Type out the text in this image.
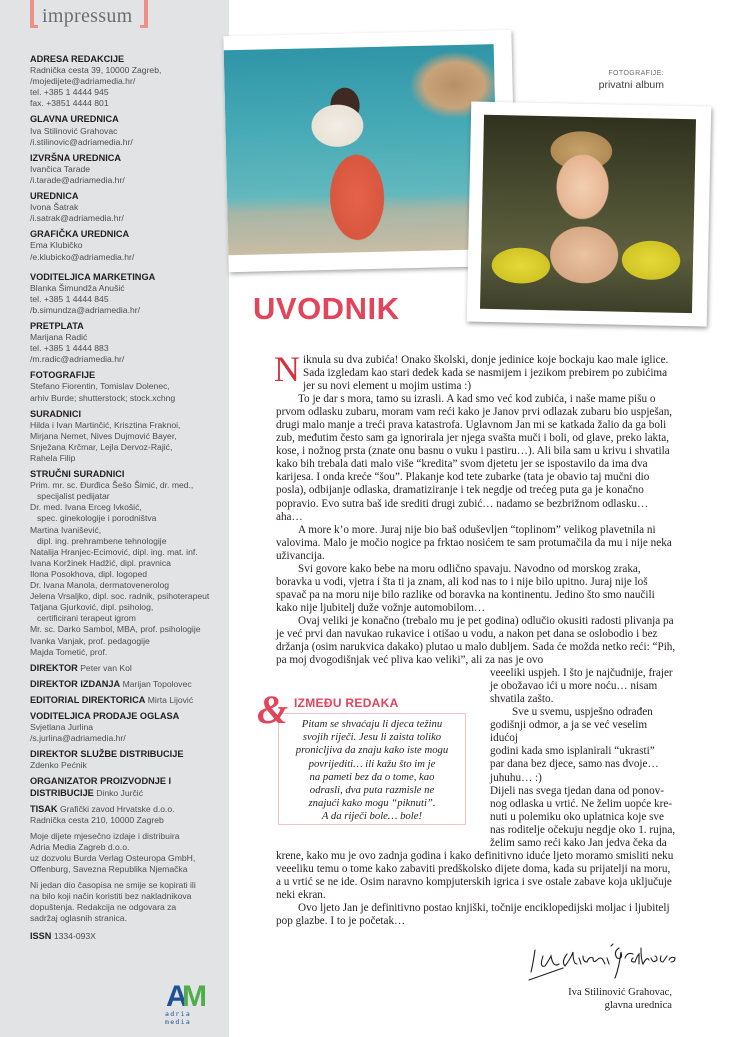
impressum
ADRESA REDAKCIJE
Radnička cesta 39, 10000 Zagreb,
/mojedijete@adriamedia.hr/
tel. +385 1 4444 945
fax. +3851 4444 801
GLAVNA UREDNICA
Iva Stilinović Grahovac
/i.stilinovic@adriamedia.hr/
IZVRŠNA UREDNICA
Ivančica Tarade
/i.tarade@adriamedia.hr/
UREDNICA
Ivona Šatrak
/i.satrak@adriamedia.hr/
GRAFIČKA UREDNICA
Ema Klubičko
/e.klubicko@adriamedia.hr/
VODITELJICA MARKETINGA
Blanka Šimundža Anušić
tel. +385 1 4444 845
/b.simundza@adriamedia.hr/
PRETPLATA
Marijana Radić
tel. +385 1 4444 883
/m.radic@adriamedia.hr/
FOTOGRAFIJE
Stefano Fiorentin, Tomislav Dolenec,
arhiv Burde; shutterstock; stock.xchng
SURADNICI
Hilda i Ivan Martinčić, Krisztina Fraknoi,
Mirjana Nemet, Nives Dujmović Bayer,
Snježana Krčmar, Lejla Dervoz-Rajić,
Rahela Filip
STRUČNI SURADNICI
Prim. mr. sc. Đurđica Šešo Šimić, dr. med.,
specijalist pedijatar
Dr. med. Ivana Erceg Ivkošić,
spec. ginekologije i porodništva
Martina Ivanišević,
dipl. ing. prehrambene tehnologije
Natalija Hranjec-Ecimović, dipl. ing. mat. inf.
Ivana Koržinek Hadžić, dipl. pravnica
Ilona Posokhova, dipl. logoped
Dr. Ivana Manola, dermatovenerolog
Jelena Vrsaljko, dipl. soc. radnik, psihoterapeut
Tatjana Gjurković, dipl. psiholog,
certificirani terapeut igrom
Mr. sc. Darko Sambol, MBA, prof. psihologije
Ivanka Vanjak, prof. pedagogije
Majda Tometić, prof.
DIREKTOR Peter van Kol
DIREKTOR IZDANJA Marijan Topolovec
EDITORIAL DIREKTORICA Mirta Lijović
VODITELJICA PRODAJE OGLASA
Svjetlana Jurlina
/s.jurlina@adriamedia.hr/
DIREKTOR SLUŽBE DISTRIBUCIJE
Zdenko Pećnik
ORGANIZATOR PROIZVODNJE I
DISTRIBUCIJE Dinko Jurčić
TISAK Grafički zavod Hrvatske d.o.o.
Radnička cesta 210, 10000 Zagreb
Moje dijete mjesečno izdaje i distribuira
Adria Media Zagreb d.o.o.
uz dozvolu Burda Verlag Osteuropa GmbH,
Offenburg, Savezna Republika Njemačka
Ni jedan dio časopisa ne smije se kopirati ili
na bilo koji način koristiti bez nakladnikova
dopuštenja. Redakcija ne odgovara za
sadržaj oglasnih stranica.
ISSN 1334-093X
A
M
adria media
FOTOGRAFIJE:
privatni album
UVODNIK

Niknula su dva zubića! Onako školski, donje jedinice koje bockaju kao male iglice. Sada izgledam kao stari dedek kada se nasmijem i jezikom prebirem po zubićima jer su novi element u mojim ustima :)

To je dar s mora, tamo su izrasli. A kad smo već kod zubića, i naše mame pišu o prvom odlasku zubaru, moram vam reći kako je Janov prvi odlazak zubaru bio uspješan, drugi malo manje a treći prava katastrofa. Uglavnom Jan mi se katkada žalio da ga boli zub, međutim često sam ga ignorirala jer njega svašta muči i boli, od glave, preko lakta, kose, i nožnog prsta (znate onu basnu o vuku i pastiru…). Ali bila sam u krivu i shvatila kako bih trebala dati malo više “kredita” svom djetetu jer se ispostavilo da ima dva karijesa. I onda kreće “šou”. Plakanje kod tete zubarke (tata je obavio taj mučni dio posla), odbijanje odlaska, dramatiziranje i tek negdje od trećeg puta ga je konačno popravio. Evo sutra baš ide srediti drugi zubić… nadamo se bezbrižnom odlasku… aha…

A more k’o more. Juraj nije bio baš oduševljen “toplinom” velikog plavetnila ni valovima. Malo je močio nogice pa frktao nosićem te sam protumačila da mu i nije neka uživancija.

Svi govore kako bebe na moru odlično spavaju. Navodno od morskog zraka, boravka u vodi, vjetra i šta ti ja znam, ali kod nas to i nije bilo upitno. Juraj nije loš spavač pa na moru nije bilo razlike od boravka na kontinentu. Jedino što smo naučili kako nije ljubitelj duže vožnje automobilom…

Ovaj veliki je konačno (trebalo mu je pet godina) odlučio okusiti radosti plivanja pa je već prvi dan navukao rukavice i otišao u vodu, a nakon pet dana se oslobodio i bez držanja (osim narukvica dakako) plutao u malo dubljem. Sada će možda netko reći: “Pih, pa moj dvogodišnjak već pliva kao veliki”, ali za nas je ovo

veeeliki uspjeh. I što je najčudnije, frajer
je obožavao ići u more noću… nisam
shvatila zašto.
Sve u svemu, uspješno odrađen
godišnji odmor, a ja se već veselim idućoj
godini kada smo isplanirali “ukrasti”
par dana bez djece, samo nas dvoje…
juhuhu… :)
Dijeli nas svega tjedan dana od ponov-
nog odlaska u vrtić. Ne želim uopće kre-
nuti u polemiku oko uplatnica koje sve
nas roditelje očekuju negdje oko 1. rujna,
želim samo reći kako Jan jedva čeka da

krene, kako mu je ovo zadnja godina i kako definitivno iduće ljeto moramo smisliti neku veeeliku temu o tome kako zabaviti predškolsko dijete doma, kada su prijatelji na moru, a u vrtić se ne ide. Osim naravno kompjuterskih igrica i sve ostale zabave koja uključuje neki ekran.

Ovo ljeto Jan je definitivno postao knjiški, točnije enciklopedijski moljac i ljubitelj pop glazbe. I to je početak…

Pitam se shvaćaju li djeca težinu
svojih riječi. Jesu li zaista toliko
pronicljiva da znaju kako iste mogu
povrijediti… ili kažu što im je
na pameti bez da o tome, kao
odrasli, dva puta razmisle ne
znajući kako mogu “piknuti”.
A da riječi bole… bole!
& IZMEĐU REDAKA
Iva Stilinović Grahovac,
glavna urednica
